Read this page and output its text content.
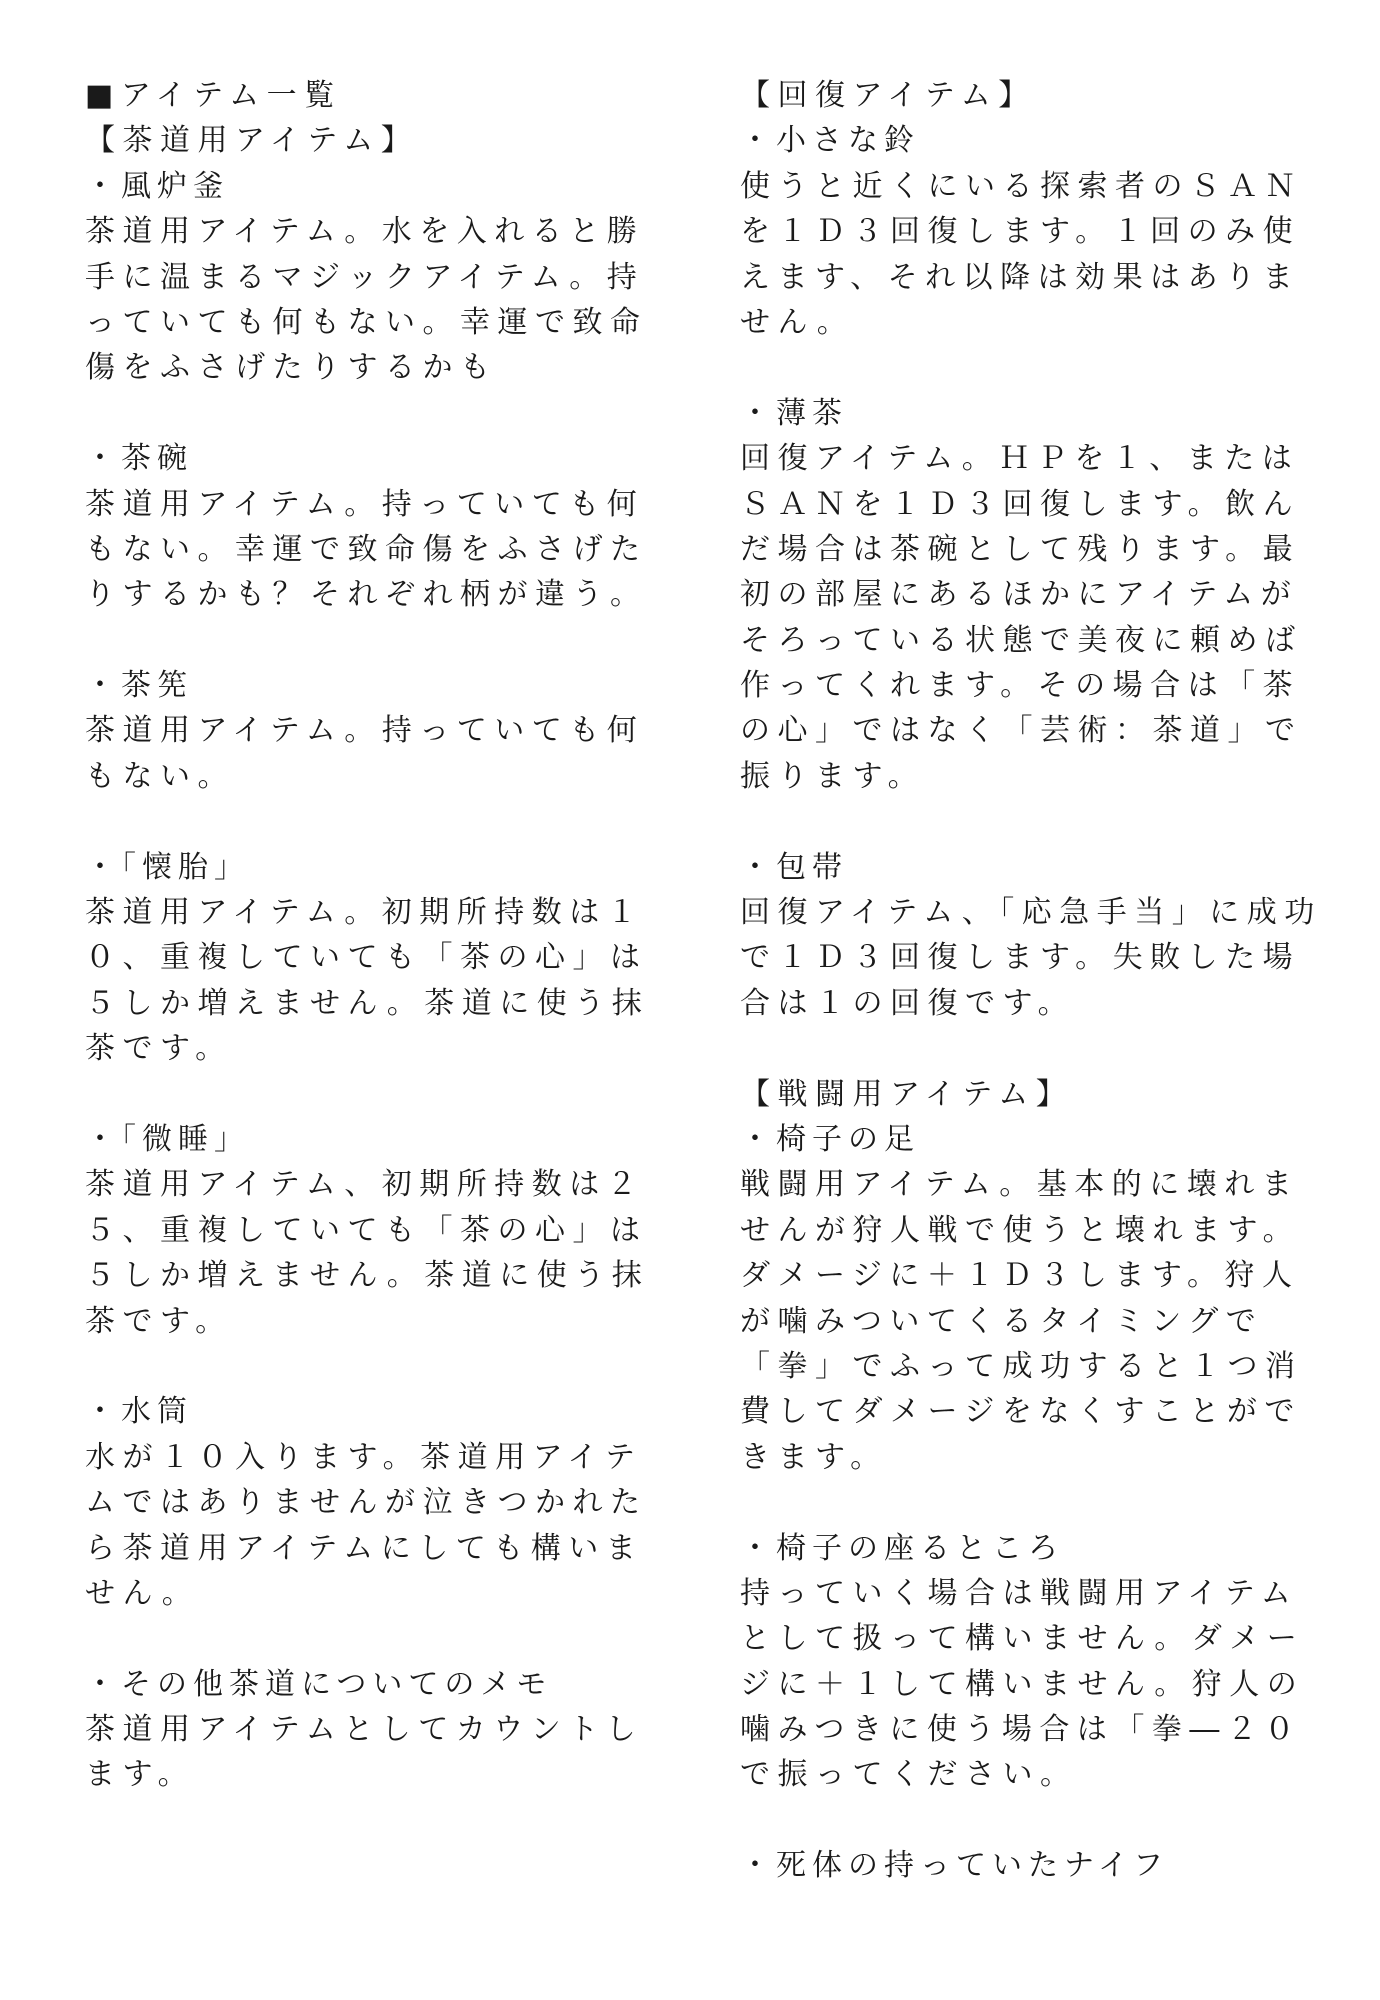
■アイテム一覧
【茶道用アイテム】
・風炉釜
茶道用アイテム。水を入れると勝
手に温まるマジックアイテム。持
っていても何もない。幸運で致命
傷をふさげたりするかも
・茶碗
茶道用アイテム。持っていても何
もない。幸運で致命傷をふさげた
りするかも？それぞれ柄が違う。
・茶筅
茶道用アイテム。持っていても何
もない。
・「懐胎」
茶道用アイテム。初期所持数は１
０、重複していても「茶の心」は
５しか増えません。茶道に使う抹
茶です。
・「微睡」
茶道用アイテム、初期所持数は２
５、重複していても「茶の心」は
５しか増えません。茶道に使う抹
茶です。
・水筒
水が１０入ります。茶道用アイテ
ムではありませんが泣きつかれた
ら茶道用アイテムにしても構いま
せん。
・その他茶道についてのメモ
茶道用アイテムとしてカウントし
ます。
【回復アイテム】
・小さな鈴
使うと近くにいる探索者のＳＡＮ
を１Ｄ３回復します。１回のみ使
えます、それ以降は効果はありま
せん。
・薄茶
回復アイテム。ＨＰを１、または
ＳＡＮを１Ｄ３回復します。飲ん
だ場合は茶碗として残ります。最
初の部屋にあるほかにアイテムが
そろっている状態で美夜に頼めば
作ってくれます。その場合は「茶
の心」ではなく「芸術：茶道」で
振ります。
・包帯
回復アイテム、「応急手当」に成功
で１Ｄ３回復します。失敗した場
合は１の回復です。
【戦闘用アイテム】
・椅子の足
戦闘用アイテム。基本的に壊れま
せんが狩人戦で使うと壊れます。
ダメージに＋１Ｄ３します。狩人
が噛みついてくるタイミングで
「拳」でふって成功すると１つ消
費してダメージをなくすことがで
きます。
・椅子の座るところ
持っていく場合は戦闘用アイテム
として扱って構いません。ダメー
ジに＋１して構いません。狩人の
噛みつきに使う場合は「拳―２０
で振ってください。
・死体の持っていたナイフ
